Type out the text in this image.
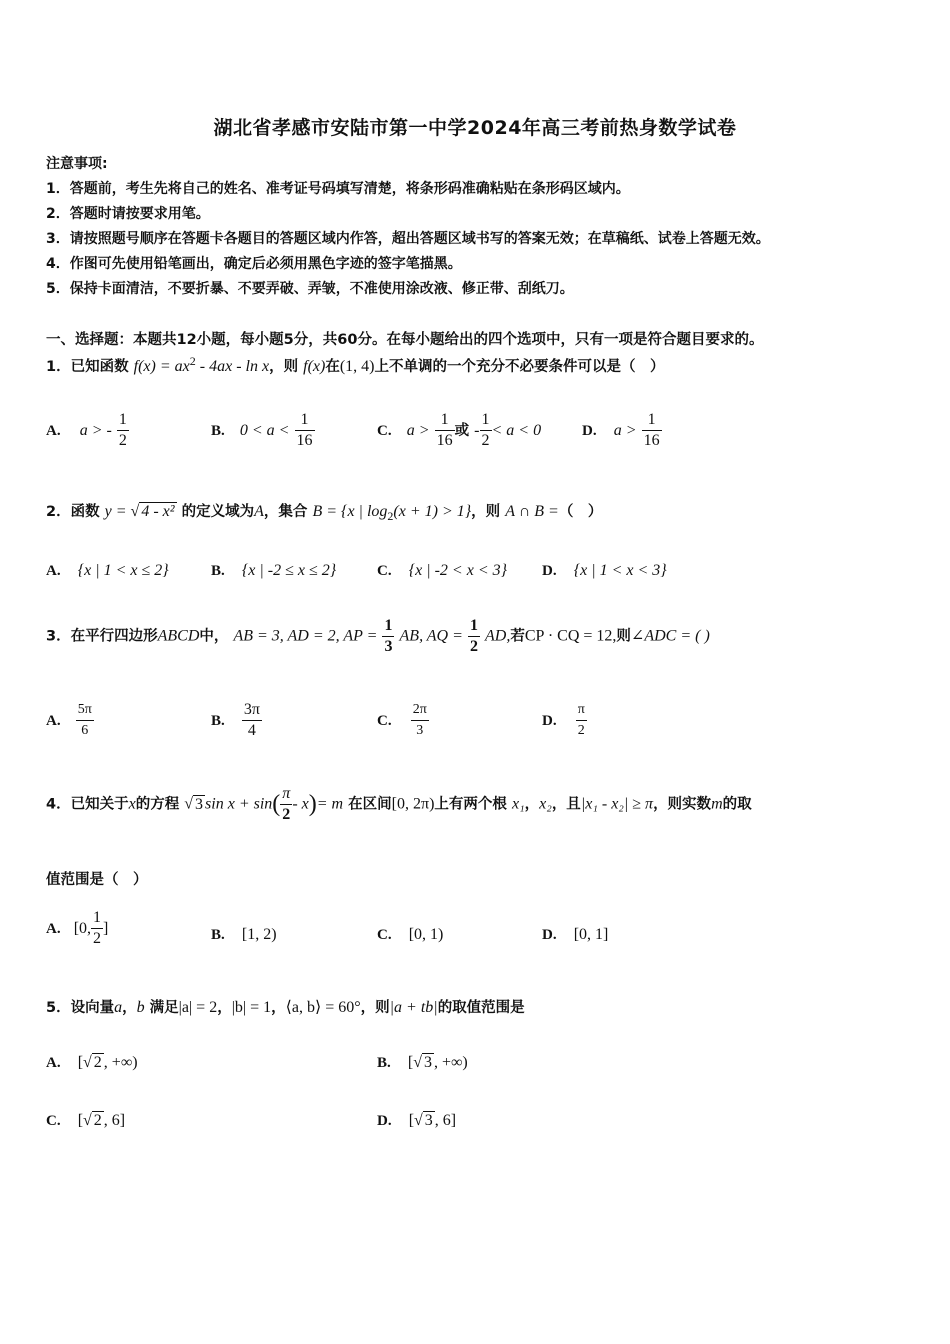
湖北省孝感市安陆市第一中学2024年高三考前热身数学试卷
注意事项:
1．答题前，考生先将自己的姓名、准考证号码填写清楚，将条形码准确粘贴在条形码区域内。
2．答题时请按要求用笔。
3．请按照题号顺序在答题卡各题目的答题区域内作答，超出答题区域书写的答案无效；在草稿纸、试卷上答题无效。
4．作图可先使用铅笔画出，确定后必须用黑色字迹的签字笔描黑。
5．保持卡面清洁，不要折暴、不要弄破、弄皱，不准使用涂改液、修正带、刮纸刀。
一、选择题：本题共12小题，每小题5分，共60分。在每小题给出的四个选项中，只有一项是符合题目要求的。
1．已知函数 $f(x) = ax^2 - 4ax - \ln x$，则 f(x)在(1, 4)上不单调的一个充分不必要条件可以是（　）
A. a > - $\frac{1}{2}$	B. $0 < a < \frac{1}{16}$	C. $a > \frac{1}{16}$ 或 - $\frac{1}{2} < a < 0$	D. $a > \frac{1}{16}$
2．函数 y = √ 4 - x² 的定义域为A，集合 B = {x | $\log_2(x + 1) > 1$}，则 A ∩ B =（　）
A. {x | 1 < x ≤ 2}	B. {x | -2 ≤ x ≤ 2}	C. {x | -2 < x < 3} D. {x | 1 < x < 3}
3．在平行四边形ABCD中， AB = 3, AD = 2, AP = $\frac{1}{3}$ AB, AQ = $\frac{1}{2}$ AD,若CP · CQ = 12,则∠ADC = ( )
A. $\frac{5\pi}{6}$	B. $\frac{3\pi}{4}$	C. $\frac{2\pi}{3}$	D. $\frac{\pi}{2}$
4．已知关于x的方程 √ 3 $\sin x + \sin( \frac{\pi}{2} - x)= m$ 在区间[0, 2π)上有两个根 x₁，x₂，且|x₁ - x₂| ≥ π，则实数m的取
值范围是（　）
A. [0, $\frac{1}{2}$ ]	B. [1, 2)	C. [0, 1)	D. [0, 1]
5．设向量a，b 满足|a| = 2，|b| = 1，⟨a, b⟩ = 60°，则|a + tb|的取值范围是
A. [√ 2 , +∞)	B. [√ 3 , +∞)
C. [√ 2 , 6]	D. [√ 3 , 6]
